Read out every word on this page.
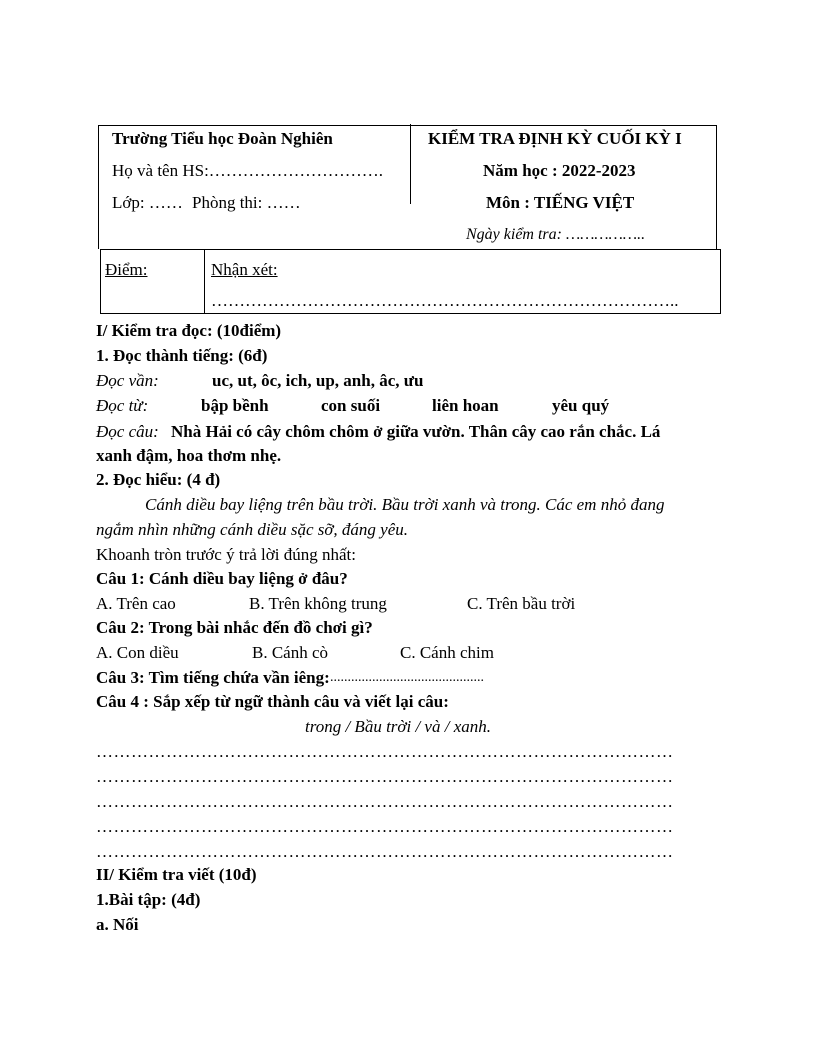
Trường Tiểu học Đoàn Nghiên
Họ và tên HS:………………………….
Lớp: …… Phòng thi: ……
KIỂM TRA ĐỊNH KỲ CUỐI KỲ I
Năm học : 2022-2023
Môn : TIẾNG VIỆT
Ngày kiểm tra: ……………..
Điểm:	Nhận xét:
………………………………………………………………………..
I/ Kiểm tra đọc: (10điểm)
1. Đọc thành tiếng: (6đ)
Đọc vần:	uc, ut, ôc, ich, up, anh, âc, ưu
Đọc từ:	bập bềnh	con suối	liên hoan	yêu quý
Đọc câu: Nhà Hải có cây chôm chôm ở giữa vườn. Thân cây cao rắn chắc. Lá
xanh đậm, hoa thơm nhẹ.
2. Đọc hiểu: (4 đ)
Cánh diều bay liệng trên bầu trời. Bầu trời xanh và trong. Các em nhỏ đang
ngắm nhìn những cánh diều sặc sỡ, đáng yêu.
Khoanh tròn trước ý trả lời đúng nhất:
Câu 1: Cánh diều bay liệng ở đâu?
A. Trên cao	B. Trên không trung	C. Trên bầu trời
Câu 2: Trong bài nhắc đến đồ chơi gì?
A. Con diều	B. Cánh cò	C. Cánh chim
Câu 3: Tìm tiếng chứa vần iêng: ............................................
Câu 4 : Sắp xếp từ ngữ thành câu và viết lại câu:
trong / Bầu trời / và / xanh.
………………………………………………………………………………………
………………………………………………………………………………………
………………………………………………………………………………………
………………………………………………………………………………………
………………………………………………………………………………………
II/ Kiểm tra viết (10đ)
1.Bài tập: (4đ)
a. Nối
